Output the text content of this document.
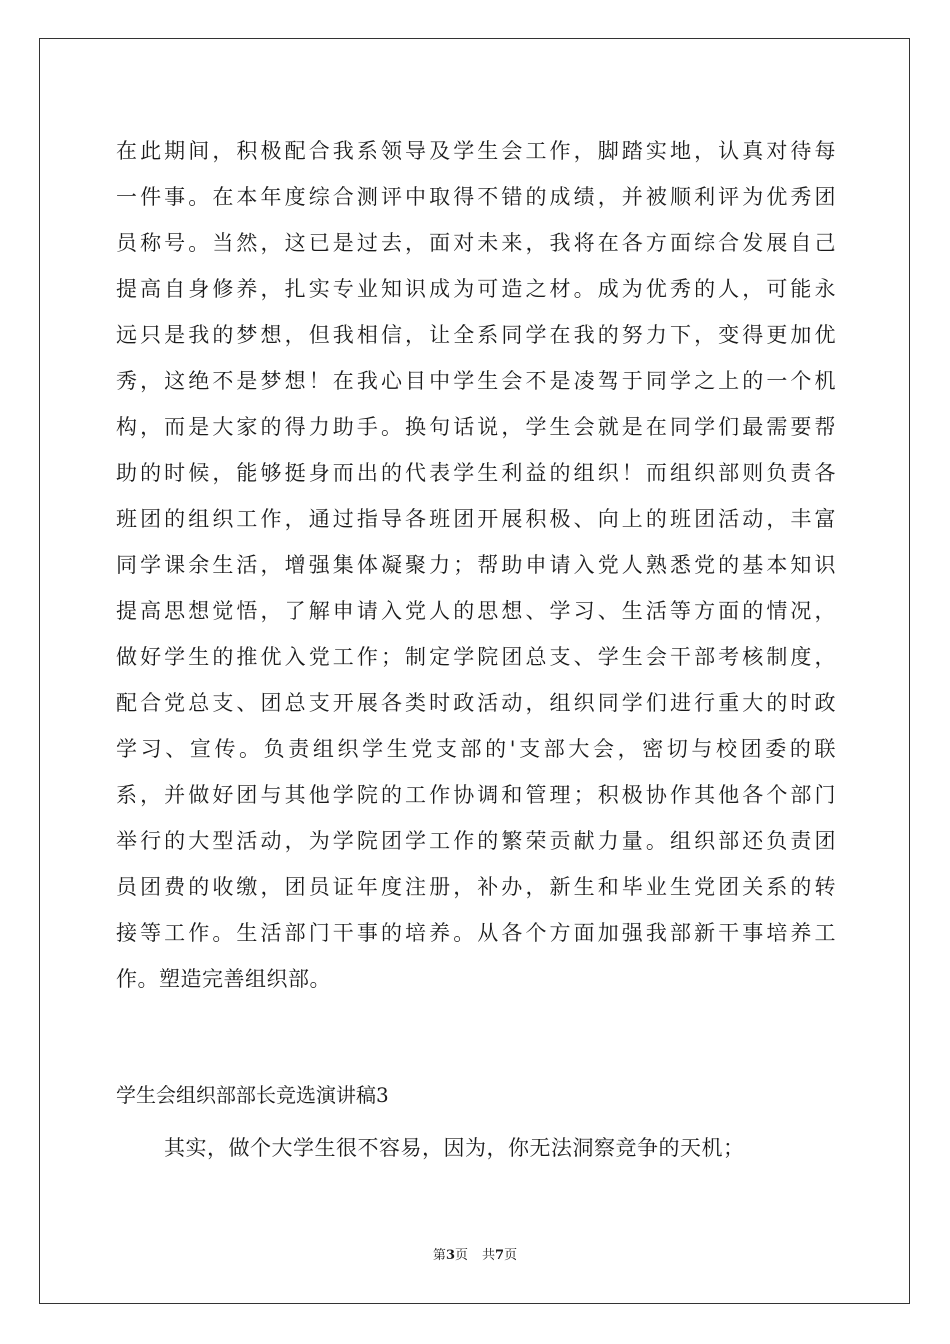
在此期间，积极配合我系领导及学生会工作，脚踏实地，认真对待每
一件事。在本年度综合测评中取得不错的成绩，并被顺利评为优秀团
员称号。当然，这已是过去，面对未来，我将在各方面综合发展自己
提高自身修养，扎实专业知识成为可造之材。成为优秀的人，可能永
远只是我的梦想，但我相信，让全系同学在我的努力下，变得更加优
秀，这绝不是梦想！在我心目中学生会不是凌驾于同学之上的一个机
构，而是大家的得力助手。换句话说，学生会就是在同学们最需要帮
助的时候，能够挺身而出的代表学生利益的组织！而组织部则负责各
班团的组织工作，通过指导各班团开展积极、向上的班团活动，丰富
同学课余生活，增强集体凝聚力；帮助申请入党人熟悉党的基本知识
提高思想觉悟，了解申请入党人的思想、学习、生活等方面的情况，
做好学生的推优入党工作；制定学院团总支、学生会干部考核制度，
配合党总支、团总支开展各类时政活动，组织同学们进行重大的时政
学习、宣传。负责组织学生党支部的'支部大会，密切与校团委的联
系，并做好团与其他学院的工作协调和管理；积极协作其他各个部门
举行的大型活动，为学院团学工作的繁荣贡献力量。组织部还负责团
员团费的收缴，团员证年度注册，补办，新生和毕业生党团关系的转
接等工作。生活部门干事的培养。从各个方面加强我部新干事培养工
作。塑造完善组织部。
学生会组织部部长竞选演讲稿3
其实，做个大学生很不容易，因为，你无法洞察竞争的天机；
第3页 共7页
